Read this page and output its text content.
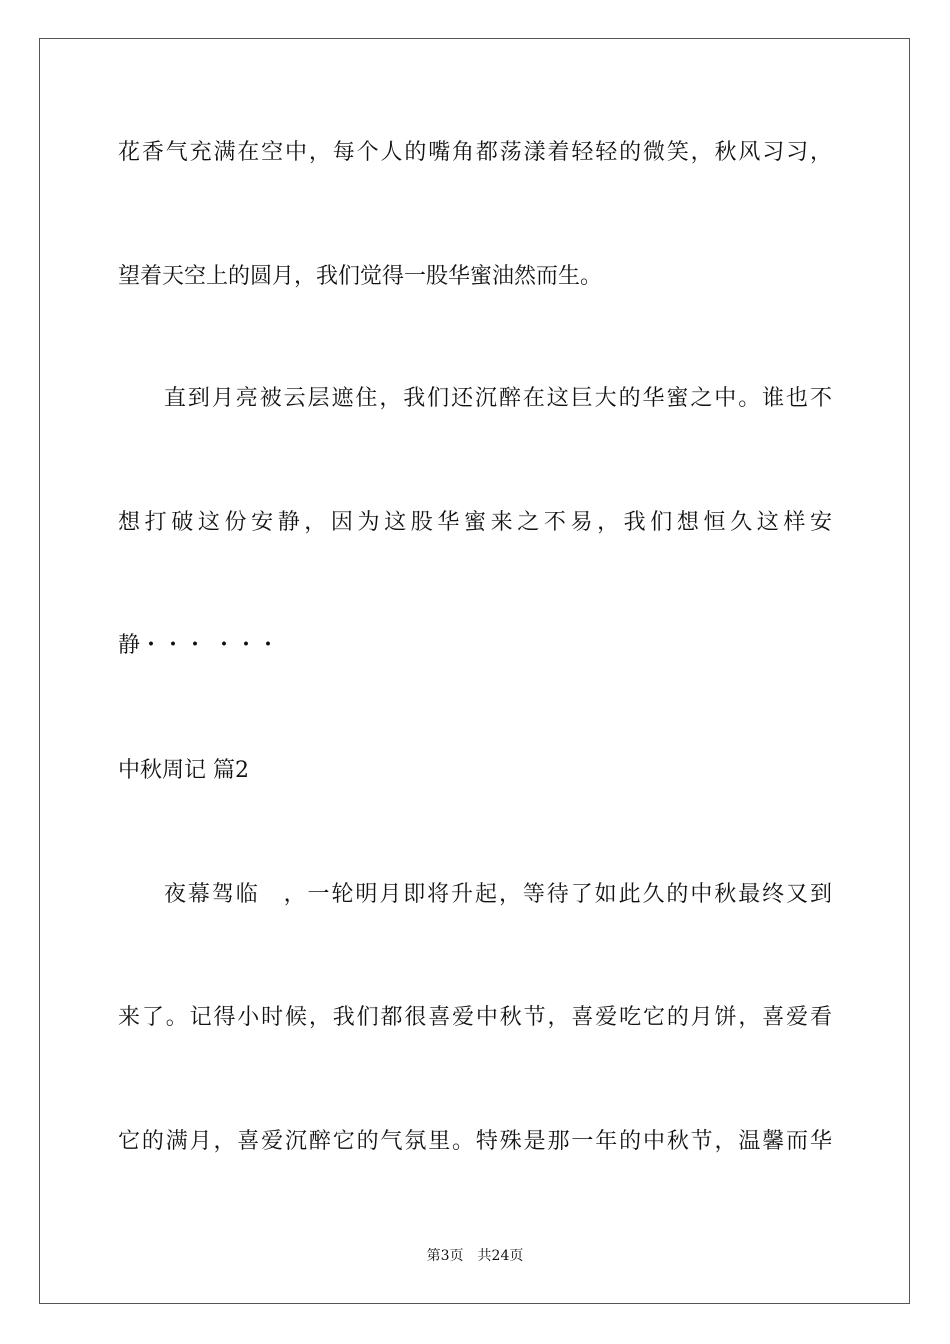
花香气充满在空中，每个人的嘴角都荡漾着轻轻的微笑，秋风习习，

望着天空上的圆月，我们觉得一股华蜜油然而生。

直到月亮被云层遮住，我们还沉醉在这巨大的华蜜之中。谁也不

想打破这份安静，因为这股华蜜来之不易，我们想恒久这样安

静・・・ ・・・

中秋周记 篇2

夜幕驾临　，一轮明月即将升起，等待了如此久的中秋最终又到

来了。记得小时候，我们都很喜爱中秋节，喜爱吃它的月饼，喜爱看

它的满月，喜爱沉醉它的气氛里。特殊是那一年的中秋节，温馨而华

第3页　共24页
